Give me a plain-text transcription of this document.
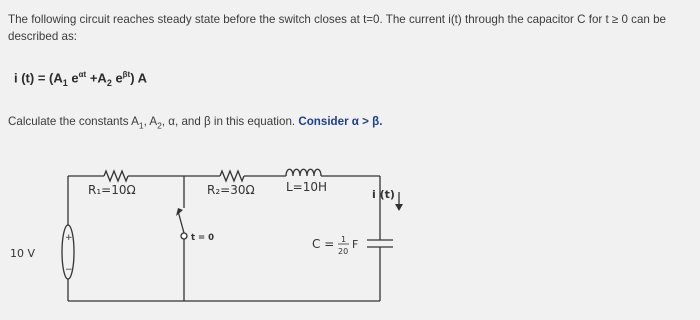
The following circuit reaches steady state before the switch closes at t=0. The current i(t) through the capacitor C for t ≥ 0 can be described as:
i $(t) = (A_1$ $e^{\alpha t} +A_2$ $e^{\beta t}$) A
Calculate the constants $A_1$, $A_2$, α, and β in this equation. Consider α > β.
R₁=10Ω	R₂=30Ω	L=10H
i (t)
10 V
+
−
t = 0	C = 1
20
F
